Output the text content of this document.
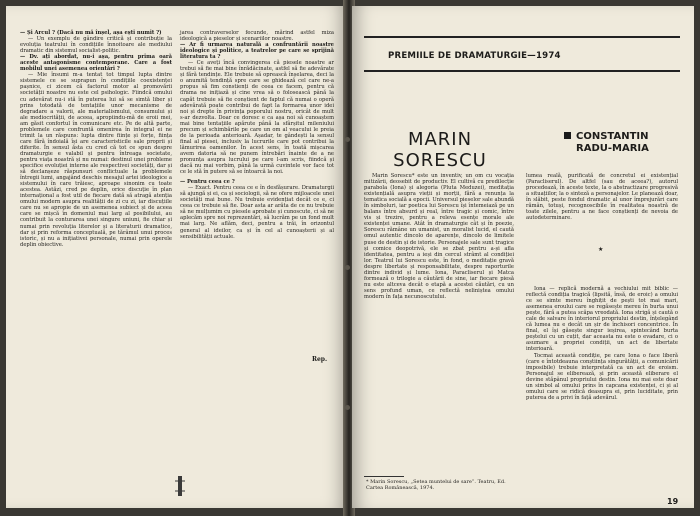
— Și Arcul ? (Dacă nu mă înșel, așa ești numit ?)

— Un exemplu de gândire critică și contribuție la evoluția teatrului în condițiile înnoitoare ale mediului dramatic din sistemul socialist-politic.

— Dv. ați abordat, nu-i așa, pentru prima oară aceste antagonisme contemporane. Care a fost mobilul unei asemenea orientări ?

— Mie însumi m-a tentat tot timpul lupta dintre sistemele ce se suprapun în condițiile coexistenței pașnice, ci zicem că factorul motor al promovării societății noastre nu este cel psihologic. Fiindcă omului cu adevărat nu-i stă în puterea lui să se simtă liber și prins totodată de tentațiile unor mecanisme de degradare a valorii, ale materialismului, consumului și ale mediocrității, de aceea, apropiindu-mă de eroii mei, am găsit confortul în comunicare etc. Pe de altă parte, problemele care confruntă omenirea în integral ei ne trimit la un răspuns: lupta dintre ființe și forțe, ființa care fără îndoială își are caracteristicile sale proprii și diferite. În sensul ăsta cu cred că tot ce spun despre dramaturgie e valabil și pentru întreaga societate, pentru viața noastră și nu numai: destinul unei probleme specifice evoluției interne ale respectivei societăți, dar și să declanșeze răspunsuri conflictuale la problemele întregii lumi, angajând deschis mesajul artei ideologice a sistemului în care trăiesc, aproape sinonim cu toate acestea. Astăzi, cred pe deplin, orice discuție în plan internațional a fost util de fiecare dată să atragă atenția omului modern asupra realității de zi cu zi, iar discuțiile care nu se apropie de un asemenea subiect și de aceea care se mișcă în domeniul mai larg al posibilului, au contribuit la conturarea unei singure uniuni, fie chiar și numai prin revoluția literelor și a literaturii dramatice, dar și prin reforma conceptuală, pe tărâmul unui proces istoric, și nu a inițiativei personale, numai prin operele deplin obiective.

jarea contraverselor fecunde, mărind astfel miza ideologică a pieselor și scenariilor noastre.

— Ar fi urmarea naturală a confruntării noastre ideologice și politice, a teatrelor pe care se sprijină literatura ta ?

— Ce aveți încă convingerea că piesele noastre ar trebui să fie mai bine înrădăcinate, astfel să fie adevărate și fără tendințe. Ele trebuie să oprească înșelarea, deci la o anumită tendință spre care se ghidează cel care ne-a propus să fim constienți de ceea ce facem, pentru că drama ne inițiază și cine vrea să o folosească până la capăt trebuie să fie conștient de faptul că numai o operă adevărată poate contribui de fapt la formarea unor idei noi și drepte în privința poporului nostru, oricât de mult s-ar dezvolta. Doar ce doresc e ca așa noi să cunoaștem mai bine tentațiile apărute până la sfârșitul mileniului precum și schimbările pe care un om al veacului le preia de la perioada anterioară. Așadar, te gândești la sensul final al piesei, inclusiv la lucrurile care pot contribui la lămurirea oamenilor. În acest sens, în toată mișcarea avem datoria să ne punem întrebări înainte de a ne pronunța asupra lucrului pe care l-am scris, fiindcă și dacă nu mai vorbim, până la urmă cuvintele vor face tot ce le stă în putere să se întoarcă la noi.

— Pentru ceea ce ?

— Exact. Pentru ceea ce e în desfășurare. Dramaturgii să ajungă și ei, ca și sociologii, să ne ofere mijloacele unei societăți mai bune. Nu trebuie evidențiat decât ce e, ci ceea ce trebuie să fie. Doar asta ar arăta de ce nu trebuie să ne mulțumim cu piesele aprobate și cunoscute, ci să ne aplecăm spre noi reprezentări, să lucrăm pe un fond mult mai larg. Ne aflăm, deci, pentru a trăi, în orizontul general al ideilor, ca și în cel al cunoașterii și al sensibilității actuale.

Rep.
PREMIILE DE DRAMATURGIE—1974
MARIN SORESCU
CONSTANTIN
RADU-MARIA

Marin Sorescu* este un inventiv, un om cu vocația mitizării, deosebit de productiv. El cultivă cu predilecție parabola (Iona) și alegoria (Pluta Meduzei), meditația existențială asupra vieții și morții, fără a renunța la tematica socială a epocii. Universul pieselor sale abundă în simboluri, iar poetica lui Sorescu își întemeiază pe un balans între absurd și real, între tragic și comic, între vis și trezire, pentru a releva esențe morale ale existenței umane. Atât în dramaturgie cât și în poezie, Sorescu rămâne un umanist, un moralist lucid, el caută omul autentic dincolo de aparențe, dincolo de limitele puse de destin și de istorie. Personajele sale sunt tragice și comice deopotrivă, ele se zbat pentru a-și afla identitatea, pentru a ieși din cercul strâmt al condiției lor. Teatrul lui Sorescu este, în fond, o meditație gravă despre libertate și responsabilitate, despre raporturile dintre individ și lume. Iona, Paracliserul și Matca formează o trilogie a căutării de sine, iar fiecare piesă nu este altceva decât o etapă a acestei căutări, cu un sens profund uman, ce reflectă neliniștea omului modern în fața necunoscutului.

* Marin Sorescu, „Setea muntelui de sare”. Teatru, Ed. Cartea Românească, 1974.

lumea reală, purificată de concretul ei existențial (Paracliserul). De altfel (sau de aceea?), autorul procedează, în aceste texte, la o abstractizare progresivă a situațiilor, la o sinteză a personajelor. Le planează doar, în slăbit, peste fondul dramatic al unor împrejurări care rămân, totuși, recognoscibile în realitatea noastră de toate zilele, pentru a ne face conștienți de nevoia de autodeterminare.

★

Iona — replică modernă a vechiului mit biblic — reflectă condiția tragică (lipsită, însă, de eroic) a omului ce se simte mereu înghițit de pești tot mai mari, asemenea eroului care se regăsește mereu în burta unui pește, fără a putea scăpa vreodată. Iona strigă și caută o cale de salvare în interiorul propriului destin, înțelegând că lumea nu e decât un șir de închisori concentrice. În final, el își găsește singur ieșirea, spintecând burta peștelui cu un cuțit, dar aceasta nu este o evadare, ci o asumare a propriei condiții, un act de libertate interioară.

Tocmai această condiție, pe care Iona o face liberă (care e întotdeauna conștiința singurătății, a comunicării imposibile) trebuie interpretată ca un act de eroism. Personajul se eliberează, și prin această eliberare el devine stăpânul propriului destin. Iona nu mai este doar un simbol al omului prins în capcana existenței, ci și al omului care se ridică deasupra ei, prin luciditate, prin puterea de a privi în față adevărul.

19
